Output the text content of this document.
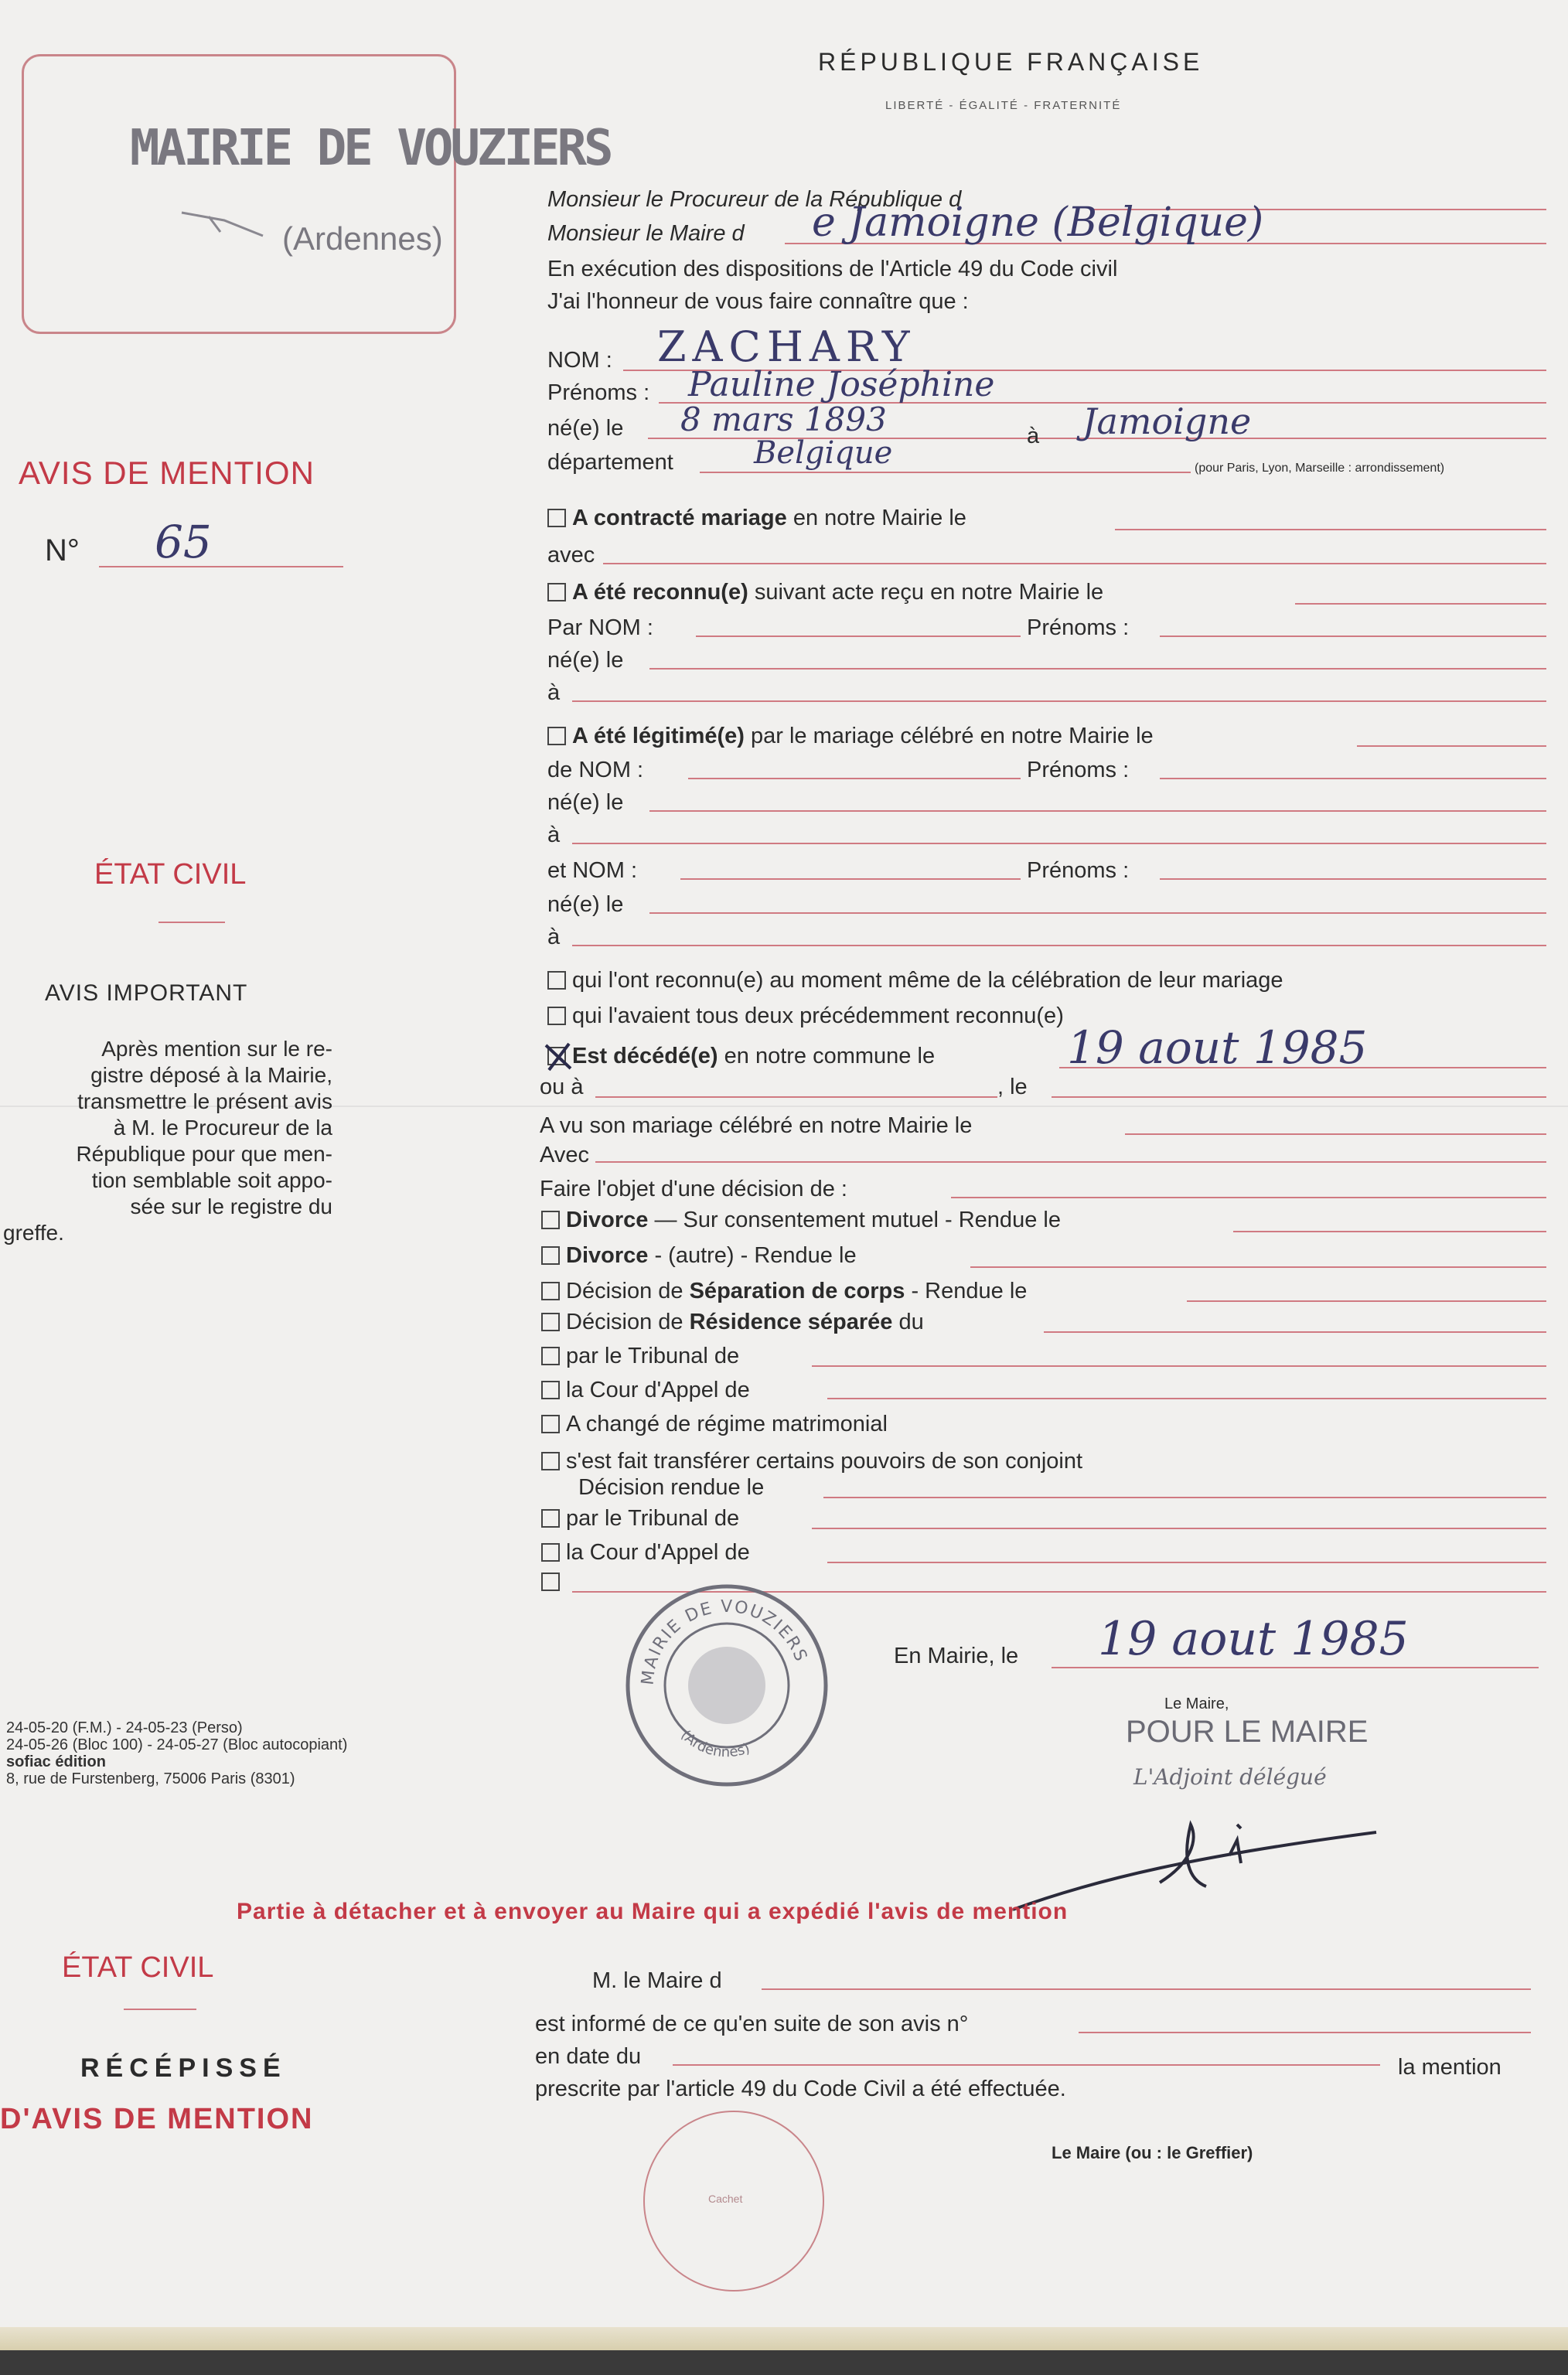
RÉPUBLIQUE FRANÇAISE
LIBERTÉ - ÉGALITÉ - FRATERNITÉ
MAIRIE DE VOUZIERS
(Ardennes)
AVIS DE MENTION
N° 65
ÉTAT CIVIL
AVIS IMPORTANT
Après mention sur le re-
gistre déposé à la Mairie,
transmettre le présent avis
à M. le Procureur de la
République pour que men-
tion semblable soit appo-
sée sur le registre du
greffe.
24-05-20 (F.M.) - 24-05-23 (Perso)
24-05-26 (Bloc 100) - 24-05-27 (Bloc autocopiant)
sofiac édition
8, rue de Furstenberg, 75006 Paris (8301)
Monsieur le Procureur de la République d
Monsieur le Maire d e Jamoigne (Belgique)
En exécution des dispositions de l'Article 49 du Code civil
J'ai l'honneur de vous faire connaître que :
NOM : ZACHARY
Prénoms : Pauline Joséphine
né(e) le 8 mars 1893	à Jamoigne
département	Belgique	(pour Paris, Lyon, Marseille : arrondissement)
A contracté mariage en notre Mairie le
avec
A été reconnu(e) suivant acte reçu en notre Mairie le
Par NOM :	Prénoms :
né(e) le
à
A été légitimé(e) par le mariage célébré en notre Mairie le
de NOM :	Prénoms :
né(e) le
à
et NOM :	Prénoms :
né(e) le
à
qui l'ont reconnu(e) au moment même de la célébration de leur mariage
qui l'avaient tous deux précédemment reconnu(e)
Est décédé(e) en notre commune le	19 aout 1985
ou à	, le
A vu son mariage célébré en notre Mairie le
Avec
Faire l'objet d'une décision de :
Divorce — Sur consentement mutuel - Rendue le
Divorce - (autre) - Rendue le
Décision de Séparation de corps - Rendue le
Décision de Résidence séparée du
par le Tribunal de
la Cour d'Appel de
A changé de régime matrimonial
s'est fait transférer certains pouvoirs de son conjoint
Décision rendue le
par le Tribunal de
la Cour d'Appel de
MAIRIE DE VOUZIERS
(Ardennes)
En Mairie, le 19 aout 1985
Le Maire,
POUR LE MAIRE
L'Adjoint délégué
Partie à détacher et à envoyer au Maire qui a expédié l'avis de mention
ÉTAT CIVIL
RÉCÉPISSÉ
D'AVIS DE MENTION
M. le Maire d
est informé de ce qu'en suite de son avis n°
en date du	la mention
prescrite par l'article 49 du Code Civil a été effectuée.
Le Maire (ou : le Greffier)
Cachet
